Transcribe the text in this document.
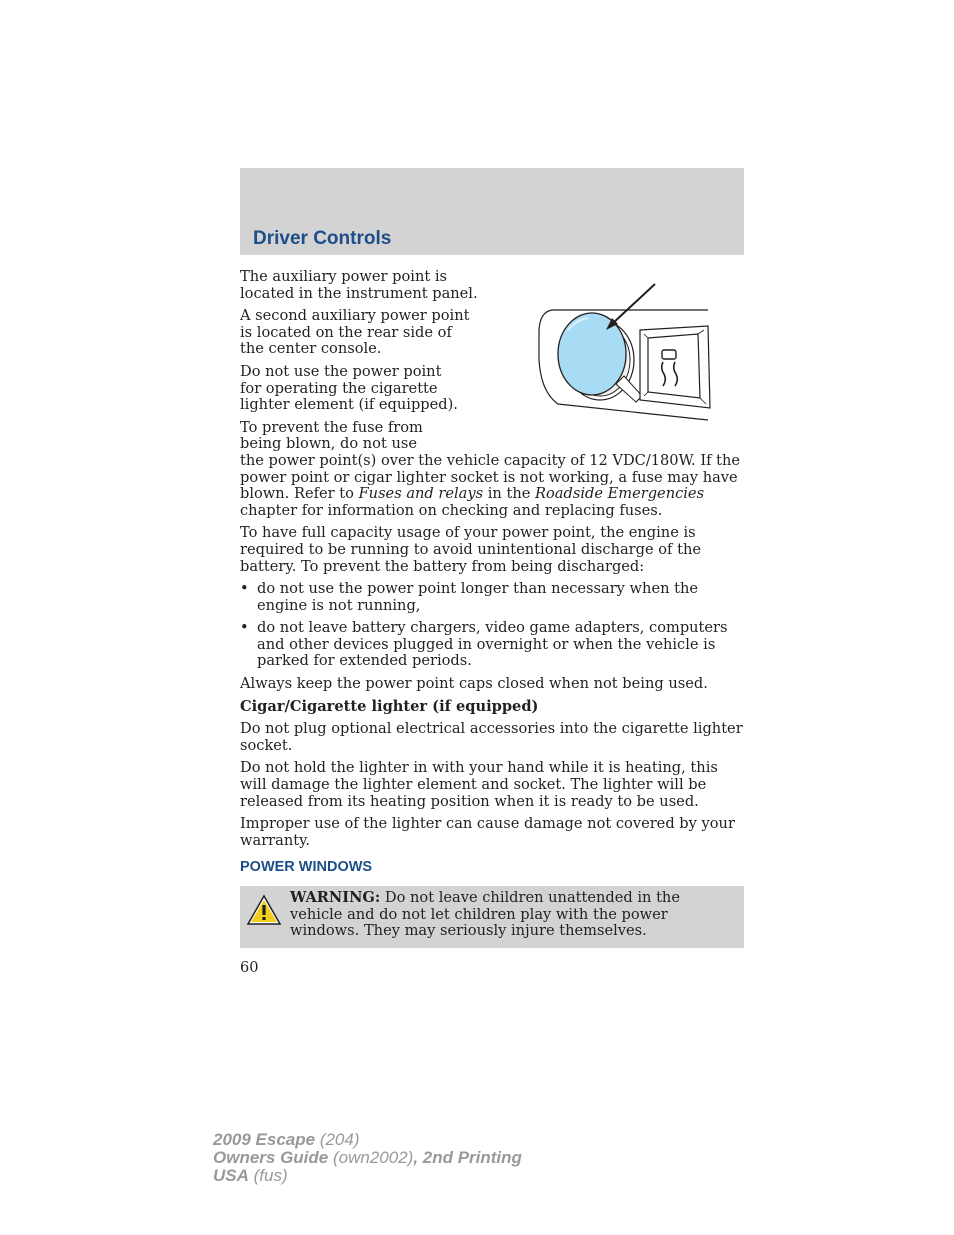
Driver Controls

The auxiliary power point is located in the instrument panel.

A second auxiliary power point is located on the rear side of the center console.

Do not use the power point for operating the cigarette lighter element (if equipped).

To prevent the fuse from being blown, do not use the power point(s) over the vehicle capacity of 12 VDC/180W. If the power point or cigar lighter socket is not working, a fuse may have blown. Refer to Fuses and relays in the Roadside Emergencies chapter for information on checking and replacing fuses.

To have full capacity usage of your power point, the engine is required to be running to avoid unintentional discharge of the battery. To prevent the battery from being discharged:

• do not use the power point longer than necessary when the engine is not running,
• do not leave battery chargers, video game adapters, computers and other devices plugged in overnight or when the vehicle is parked for extended periods.

Always keep the power point caps closed when not being used.

Cigar/Cigarette lighter (if equipped)

Do not plug optional electrical accessories into the cigarette lighter socket.

Do not hold the lighter in with your hand while it is heating, this will damage the lighter element and socket. The lighter will be released from its heating position when it is ready to be used.

Improper use of the lighter can cause damage not covered by your warranty.

POWER WINDOWS
WARNING: Do not leave children unattended in the vehicle and do not let children play with the power windows. They may seriously injure themselves.
60
2009 Escape (204)
Owners Guide (own2002), 2nd Printing
USA (fus)
